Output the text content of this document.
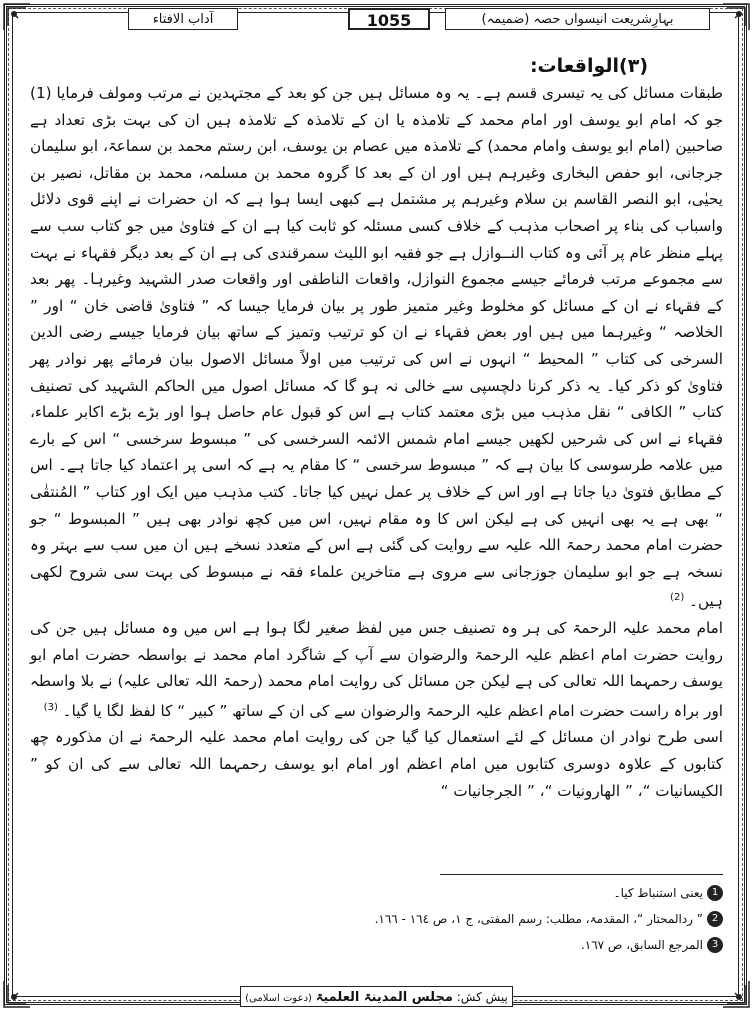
بہارِشریعت انیسواں حصہ (ضمیمہ)
1055
آداب الافتاء
(۳)الواقعات:

طبقات مسائل کی یہ تیسری قسم ہے۔ یہ وہ مسائل ہیں جن کو بعد کے مجتہدین نے مرتب ومولف فرمایا (1) جو کہ امام ابو یوسف اور امام محمد کے تلامذہ یا ان کے تلامذہ کے تلامذہ ہیں ان کی بہت بڑی تعداد ہے صاحبین (امام ابو یوسف وامام محمد) کے تلامذہ میں عصام بن یوسف، ابن رستم محمد بن سماعۃ، ابو سلیمان جرجانی، ابو حفص البخاری وغیرہم ہیں اور ان کے بعد کا گروہ محمد بن مسلمہ، محمد بن مقاتل، نصیر بن یحیٰی، ابو النصر القاسم بن سلام وغیرہم پر مشتمل ہے کبھی ایسا ہوا ہے کہ ان حضرات نے اپنے قوی دلائل واسباب کی بناء پر اصحاب مذہب کے خلاف کسی مسئلہ کو ثابت کیا ہے ان کے فتاویٰ میں جو کتاب سب سے پہلے منظر عام پر آئی وہ کتاب النــوازل ہے جو فقیہ ابو اللیث سمرقندی کی ہے ان کے بعد دیگر فقہاء نے بہت سے مجموعے مرتب فرمائے جیسے مجموع النوازل، واقعات الناطفی اور واقعات صدر الشہید وغیرہا۔ پھر بعد کے فقہاء نے ان کے مسائل کو مخلوط وغیر متمیز طور پر بیان فرمایا جیسا کہ ” فتاویٰ قاضی خان “ اور ” الخلاصہ “ وغیرہما میں ہیں اور بعض فقہاء نے ان کو ترتیب وتمیز کے ساتھ بیان فرمایا جیسے رضی الدین السرخی کی کتاب ” المحیط “ انہوں نے اس کی ترتیب میں اولاً مسائل الاصول بیان فرمائے پھر نوادر پھر فتاویٰ کو ذکر کیا۔ یہ ذکر کرنا دلچسپی سے خالی نہ ہو گا کہ مسائل اصول میں الحاکم الشہید کی تصنیف کتاب ” الکافی “ نقل مذہب میں بڑی معتمد کتاب ہے اس کو قبول عام حاصل ہوا اور بڑے بڑے اکابر علماء، فقہاء نے اس کی شرحیں لکھیں جیسے امام شمس الائمہ السرخسی کی ” مبسوط سرخسی “ اس کے بارے میں علامہ طرسوسی کا بیان ہے کہ ” مبسوط سرخسی “ کا مقام یہ ہے کہ اسی پر اعتماد کیا جاتا ہے۔ اس کے مطابق فتویٰ دیا جاتا ہے اور اس کے خلاف پر عمل نہیں کیا جاتا۔ کتب مذہب میں ایک اور کتاب ” المُنتقٰی “ بھی ہے یہ بھی انہیں کی ہے لیکن اس کا وہ مقام نہیں، اس میں کچھ نوادر بھی ہیں ” المبسوط “ جو حضرت امام محمد رحمۃ اللہ علیہ سے روایت کی گئی ہے اس کے متعدد نسخے ہیں ان میں سب سے بہتر وہ نسخہ ہے جو ابو سلیمان جوزجانی سے مروی ہے متاخرین علماء فقہ نے مبسوط کی بہت سی شروح لکھی ہیں۔ $^{(2)}$

امام محمد علیہ الرحمۃ کی ہر وہ تصنیف جس میں لفظ صغیر لگا ہوا ہے اس میں وہ مسائل ہیں جن کی روایت حضرت امام اعظم علیہ الرحمۃ والرضوان سے آپ کے شاگرد امام محمد نے بواسطہ حضرت امام ابو یوسف رحمہما اللہ تعالی کی ہے لیکن جن مسائل کی روایت امام محمد (رحمۃ اللہ تعالی علیہ) نے بلا واسطہ اور براہ راست حضرت امام اعظم علیہ الرحمۃ والرضوان سے کی ان کے ساتھ ” کبیر “ کا لفظ لگا یا گیا۔ $^{(3)}$

اسی طرح نوادر ان مسائل کے لئے استعمال کیا گیا جن کی روایت امام محمد علیہ الرحمۃ نے ان مذکورہ چھ کتابوں کے علاوہ دوسری کتابوں میں امام اعظم اور امام ابو یوسف رحمہما اللہ تعالی سے کی ان کو ” الکیسانیات “، ” الھارونیات “، ” الجرجانیات “

1
یعنی استنباط کیا۔
2
” ردالمحتار “، المقدمۃ، مطلب: رسم المفتی، ج ١، ص ١٦٤ - ١٦٦.
3
المرجع السابق، ص ١٦٧.
پیش کش: مجلس المدینۃ العلمیۃ (دعوت اسلامی)
